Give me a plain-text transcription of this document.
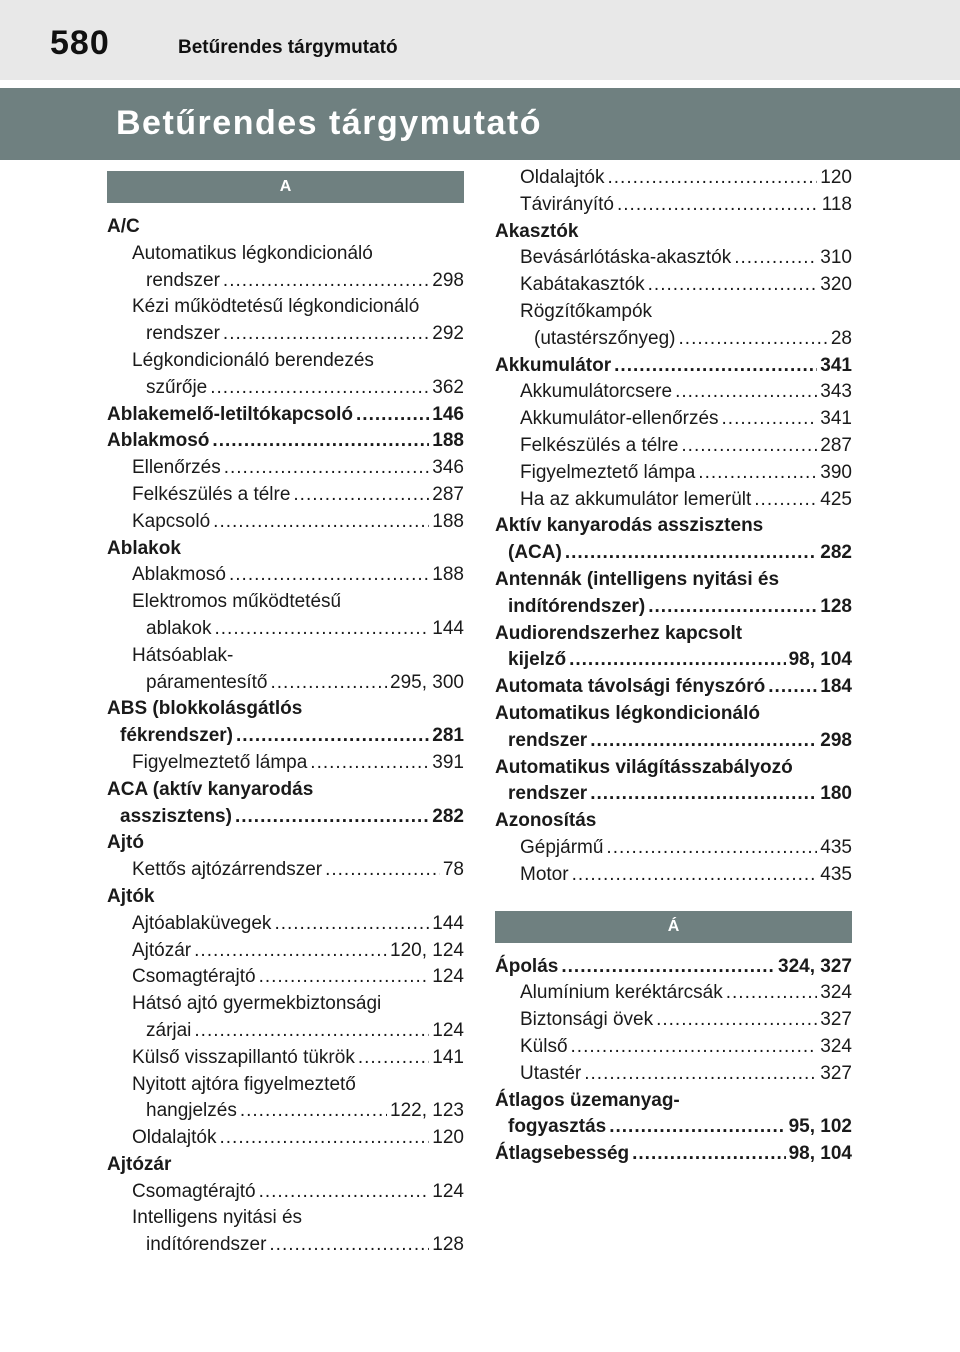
580	Betűrendes tárgymutató
Betűrendes tárgymutató
A
A/C
Automatikus légkondicionáló
rendszer .....	298
Kézi működtetésű légkondicionáló
rendszer .....	292
Légkondicionáló berendezés
szűrője .....	362
Ablakemelő-letiltókapcsoló .....	146
Ablakmosó .....	188
Ellenőrzés .....	346
Felkészülés a télre .....	287
Kapcsoló .....	188
Ablakok
Ablakmosó .....	188
Elektromos működtetésű
ablakok .....	144
Hátsóablak-
páramentesítő .....	295, 300
ABS (blokkolásgátlós
fékrendszer) .....	281
Figyelmeztető lámpa .....	391
ACA (aktív kanyarodás
asszisztens) .....	282
Ajtó
Kettős ajtózárrendszer .....	78
Ajtók
Ajtóablaküvegek .....	144
Ajtózár .....	120, 124
Csomagtérajtó .....	124
Hátsó ajtó gyermekbiztonsági
zárjai .....	124
Külső visszapillantó tükrök .....	141
Nyitott ajtóra figyelmeztető
hangjelzés .....	122, 123
Oldalajtók .....	120
Ajtózár
Csomagtérajtó .....	124
Intelligens nyitási és
indítórendszer .....	128
Oldalajtók .....	120
Távirányító .....	118
Akasztók
Bevásárlótáska-akasztók .....	310
Kabátakasztók .....	320
Rögzítőkampók
(utastérszőnyeg) .....	28
Akkumulátor .....	341
Akkumulátorcsere .....	343
Akkumulátor-ellenőrzés .....	341
Felkészülés a télre .....	287
Figyelmeztető lámpa .....	390
Ha az akkumulátor lemerült .....	425
Aktív kanyarodás asszisztens
(ACA) .....	282
Antennák (intelligens nyitási és
indítórendszer) .....	128
Audiorendszerhez kapcsolt
kijelző .....	98, 104
Automata távolsági fényszóró .....	184
Automatikus légkondicionáló
rendszer .....	298
Automatikus világításszabályozó
rendszer .....	180
Azonosítás
Gépjármű .....	435
Motor .....	435
Á
Ápolás .....	324, 327
Alumínium keréktárcsák .....	324
Biztonsági övek .....	327
Külső .....	324
Utastér .....	327
Átlagos üzemanyag-
fogyasztás .....	95, 102
Átlagsebesség .....	98, 104
